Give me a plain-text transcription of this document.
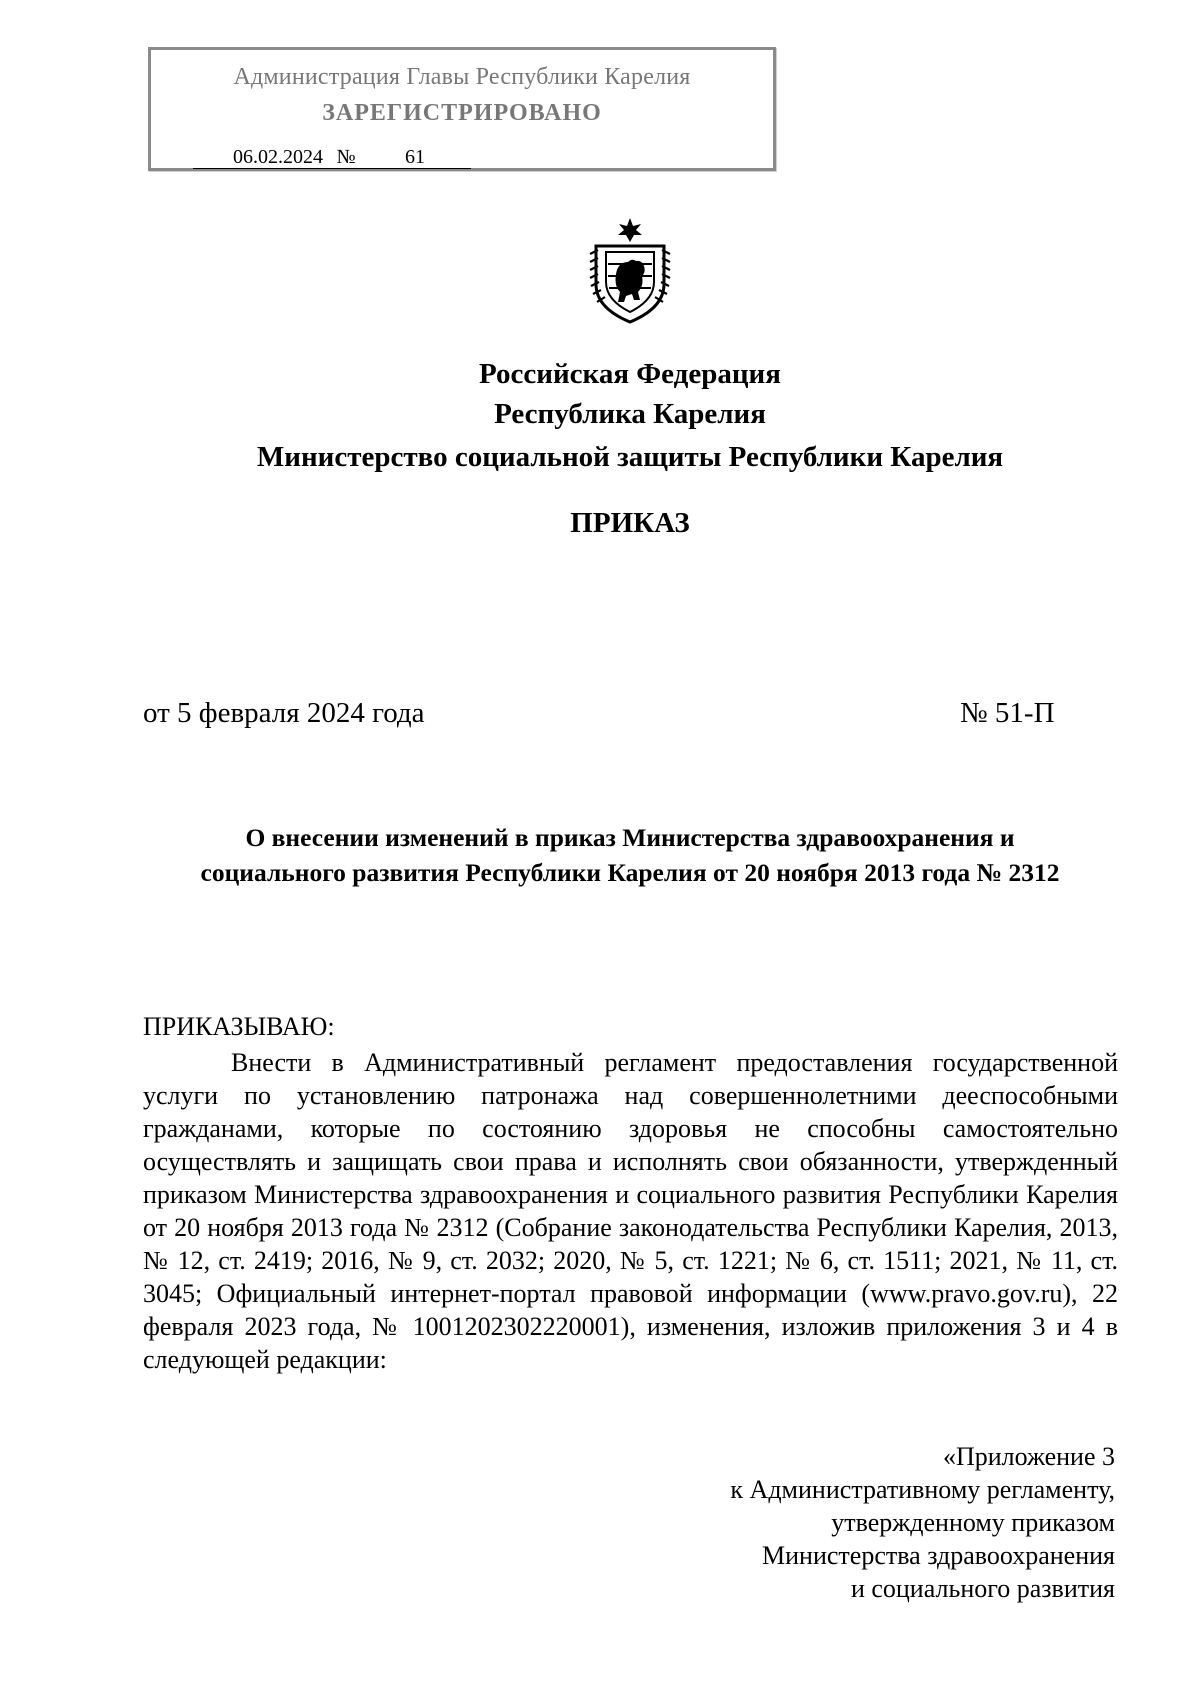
Администрация Главы Республики Карелия
ЗАРЕГИСТРИРОВАНО
06.02.2024 №	61
Российская Федерация
Республика Карелия
Министерство социальной защиты Республики Карелия
ПРИКАЗ
от 5 февраля 2024 года	№ 51-П
О внесении изменений в приказ Министерства здравоохранения и
социального развития Республики Карелия от 20 ноября 2013 года № 2312
ПРИКАЗЫВАЮ:

Внести в Административный регламент предоставления государственной услуги по установлению патронажа над совершеннолетними дееспособными гражданами, которые по состоянию здоровья не способны самостоятельно осуществлять и защищать свои права и исполнять свои обязанности, утвержденный приказом Министерства здравоохранения и социального развития Республики Карелия от 20 ноября 2013 года № 2312 (Собрание законодательства Республики Карелия, 2013, № 12, ст. 2419; 2016, № 9, ст. 2032; 2020, № 5, ст. 1221; № 6, ст. 1511; 2021, № 11, ст. 3045; Официальный интернет-портал правовой информации (www.pravo.gov.ru), 22 февраля 2023 года, № 1001202302220001), изменения, изложив приложения 3 и 4 в следующей редакции:

«Приложение 3
к Административному регламенту,
утвержденному приказом
Министерства здравоохранения
и социального развития
